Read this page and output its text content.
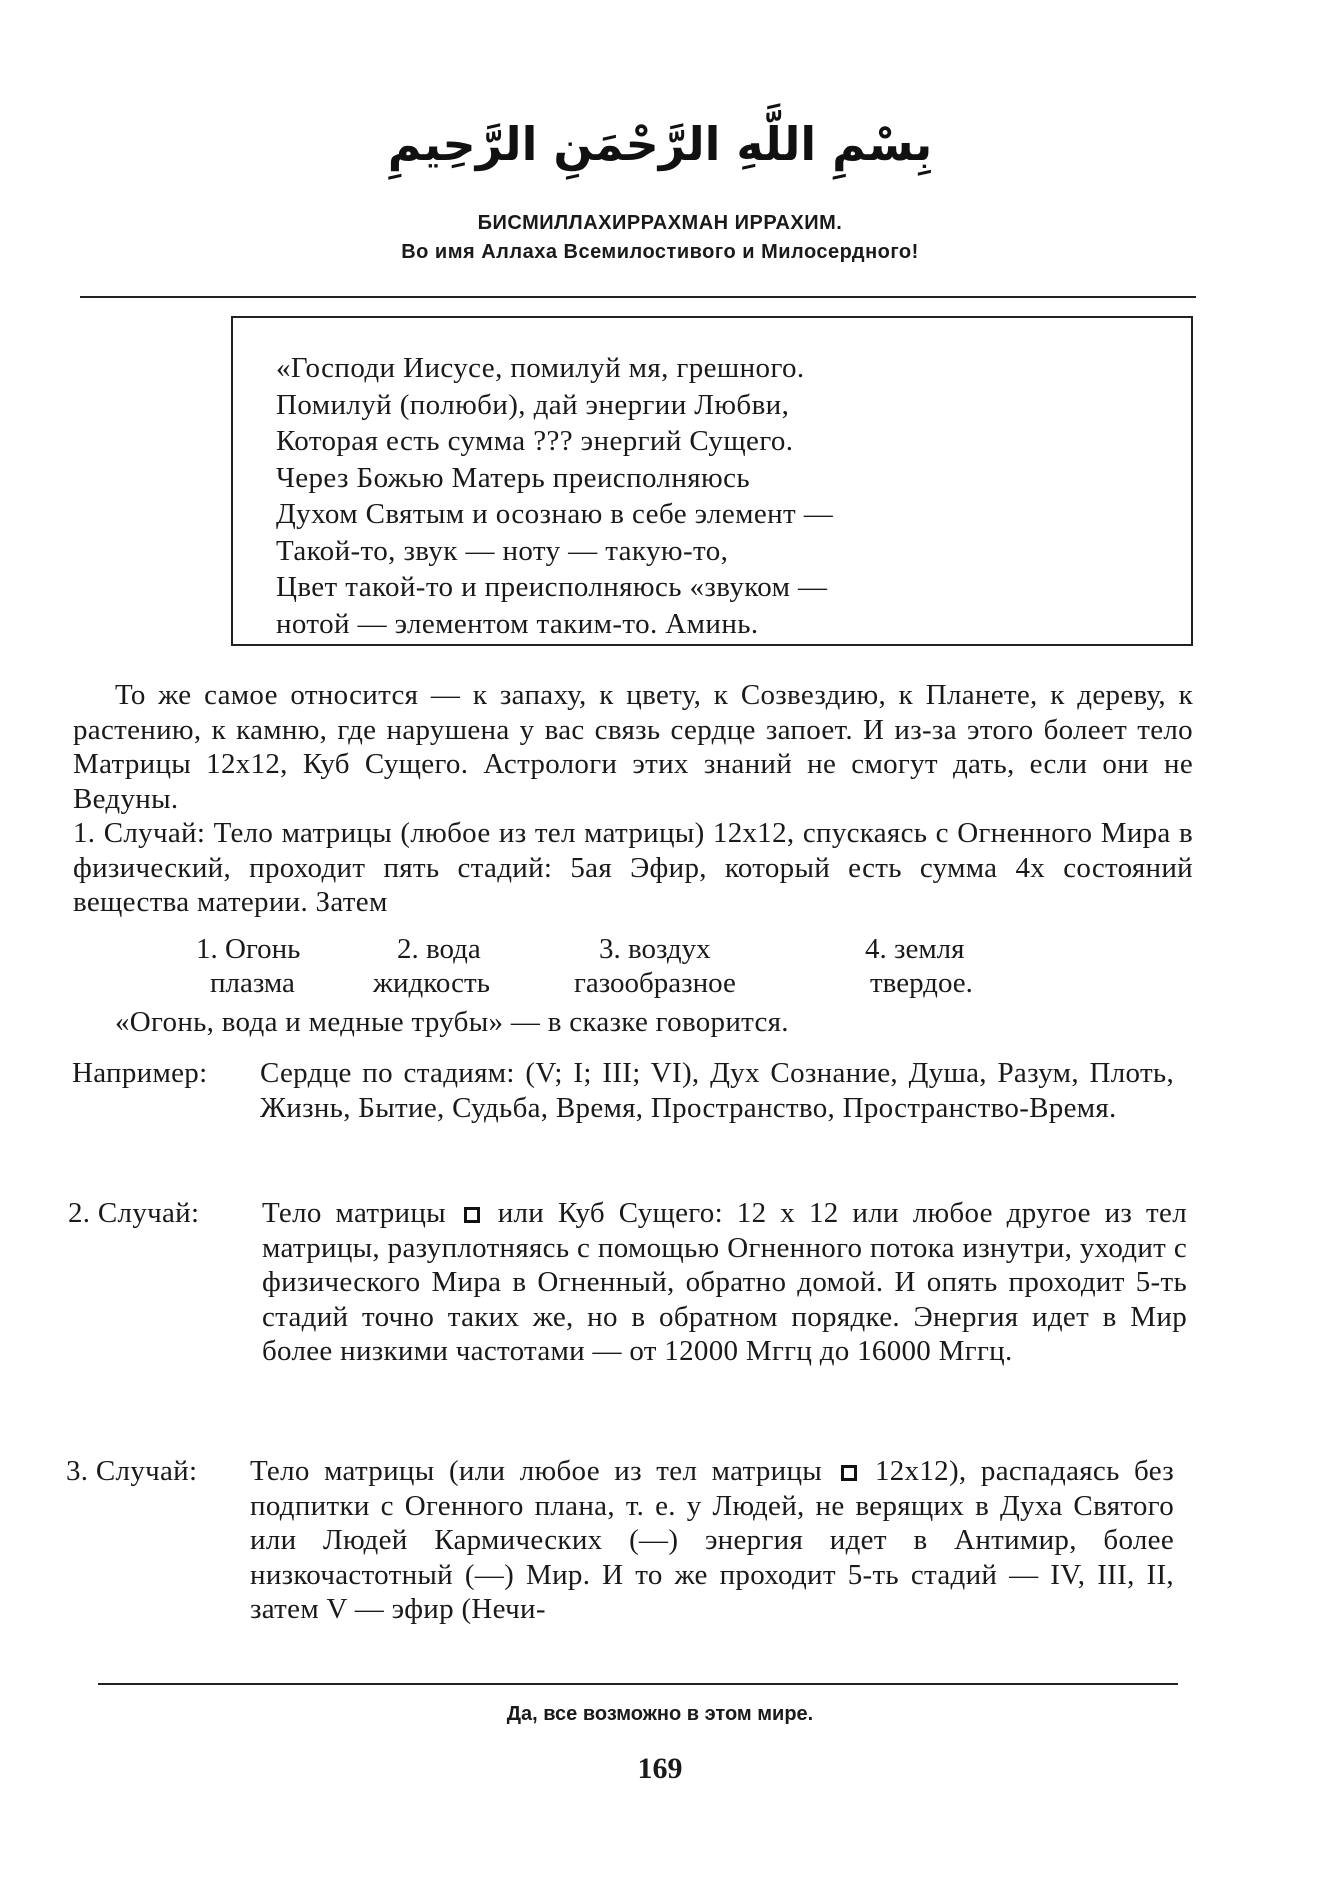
بِسْمِ اللَّهِ الرَّحْمَنِ الرَّحِيمِ
БИСМИЛЛАХИРРАХМАН ИРРАХИМ.
Во имя Аллаха Всемилостивого и Милосердного!
«Господи Иисусе, помилуй мя, грешного.
Помилуй (полюби), дай энергии Любви,
Которая есть сумма ??? энергий Сущего.
Через Божью Матерь преисполняюсь
Духом Святым и осознаю в себе элемент —
Такой-то, звук — ноту — такую-то,
Цвет такой-то и преисполняюсь «звуком —
нотой — элементом таким-то. Аминь.
То же самое относится — к запаху, к цвету, к Созвездию, к Планете, к дереву, к растению, к камню, где нарушена у вас связь сердце запоет. И из-за этого болеет тело Матрицы 12х12, Куб Сущего. Астрологи этих знаний не смогут дать, если они не Ведуны.
1. Случай: Тело матрицы (любое из тел матрицы) 12х12, спускаясь с Огненного Мира в физический, проходит пять стадий: 5ая Эфир, который есть сумма 4х состояний вещества материи. Затем
1. Огонь	2. вода	3. воздух	4. земля
плазма	жидкость	газообразное	твердое.
«Огонь, вода и медные трубы» — в сказке говорится.
Например: Сердце по стадиям: (V; I; III; VI), Дух Сознание, Душа, Разум, Плоть, Жизнь, Бытие, Судьба, Время, Пространство, Пространство-Время.
2. Случай: Тело матрицы или Куб Сущего: 12 х 12 или любое другое из тел матрицы, разуплотняясь с помощью Огненного потока изнутри, уходит с физического Мира в Огненный, обратно домой. И опять проходит 5-ть стадий точно таких же, но в обратном порядке. Энергия идет в Мир более низкими частотами — от 12000 Мггц до 16000 Мггц.
3. Случай: Тело матрицы (или любое из тел матрицы 12х12), распадаясь без подпитки с Огенного плана, т. е. у Людей, не верящих в Духа Святого или Людей Кармических (—) энергия идет в Антимир, более низкочастотный (—) Мир. И то же проходит 5-ть стадий — IV, III, II, затем V — эфир (Нечи-
Да, все возможно в этом мире.
169
